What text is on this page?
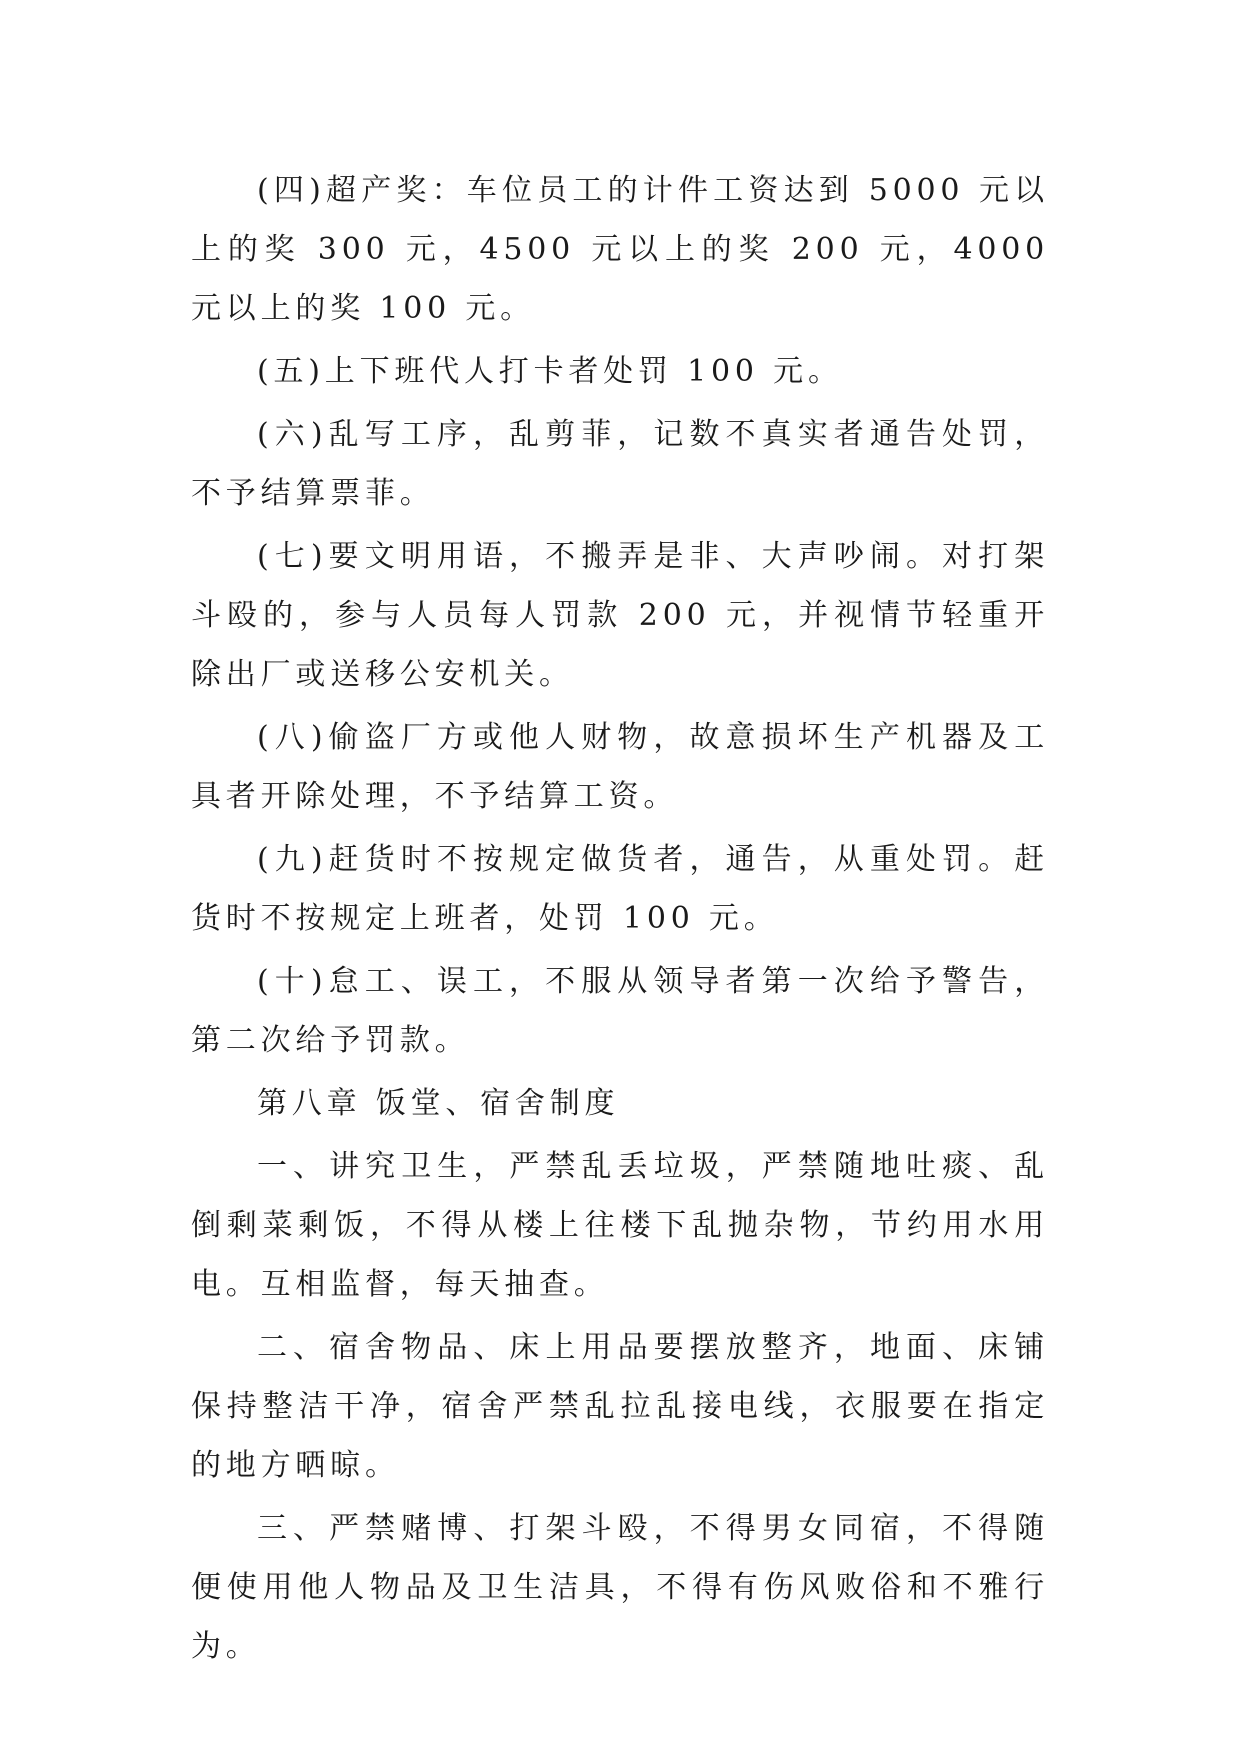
(四)超产奖：车位员工的计件工资达到 5000 元以上的奖 300 元，4500 元以上的奖 200 元，4000 元以上的奖 100 元。

(五)上下班代人打卡者处罚 100 元。

(六)乱写工序，乱剪菲，记数不真实者通告处罚，不予结算票菲。

(七)要文明用语，不搬弄是非、大声吵闹。对打架斗殴的，参与人员每人罚款 200 元，并视情节轻重开除出厂或送移公安机关。

(八)偷盗厂方或他人财物，故意损坏生产机器及工具者开除处理，不予结算工资。

(九)赶货时不按规定做货者，通告，从重处罚。赶货时不按规定上班者，处罚 100 元。

(十)怠工、误工，不服从领导者第一次给予警告，第二次给予罚款。

第八章 饭堂、宿舍制度

一、讲究卫生，严禁乱丢垃圾，严禁随地吐痰、乱倒剩菜剩饭，不得从楼上往楼下乱抛杂物，节约用水用电。互相监督，每天抽查。

二、宿舍物品、床上用品要摆放整齐，地面、床铺保持整洁干净，宿舍严禁乱拉乱接电线，衣服要在指定的地方晒晾。

三、严禁赌博、打架斗殴，不得男女同宿，不得随便使用他人物品及卫生洁具，不得有伤风败俗和不雅行为。
